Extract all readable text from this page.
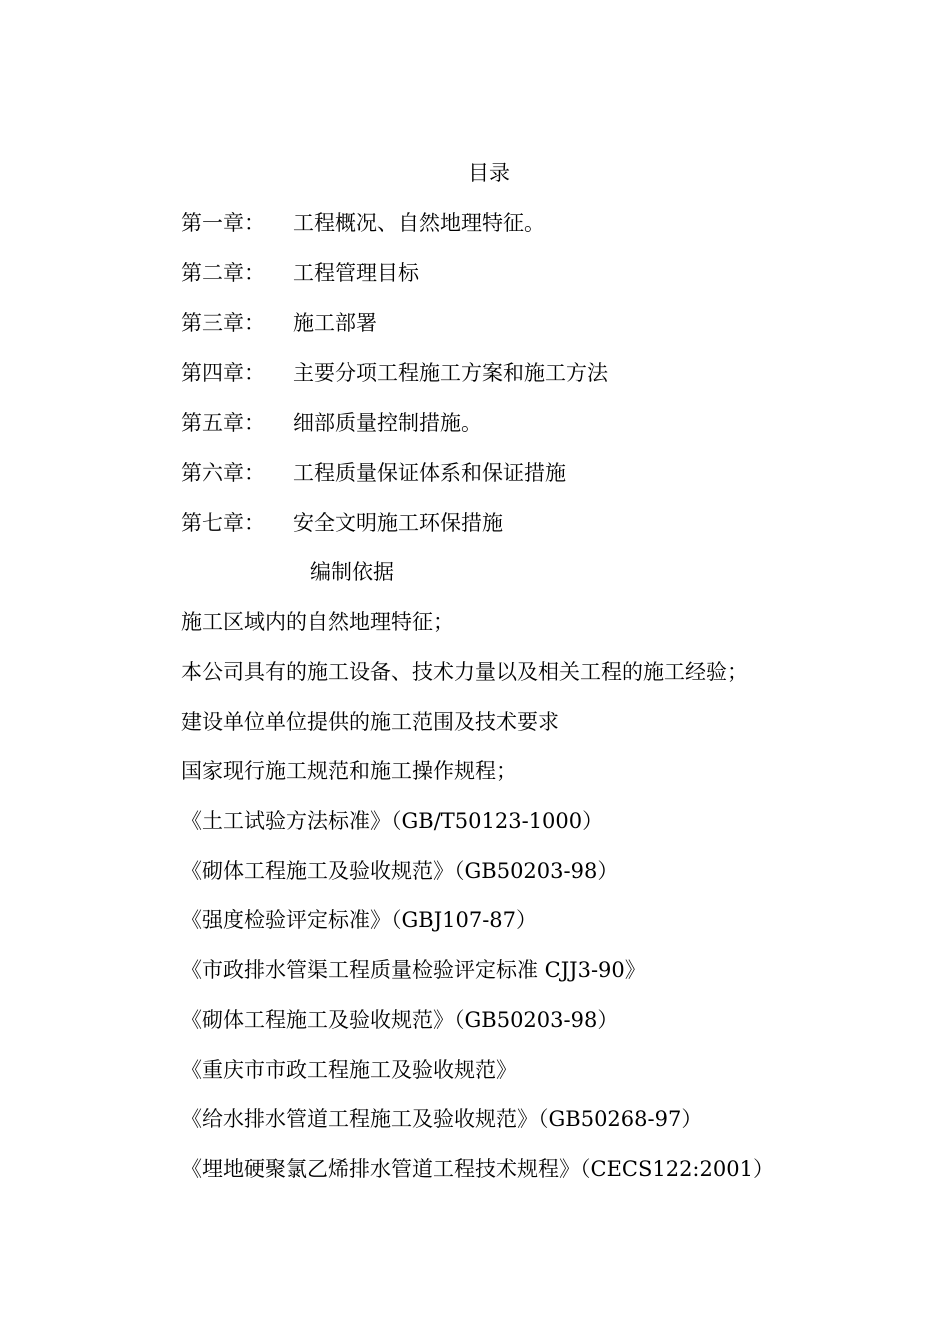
目录
第一章： 工程概况、自然地理特征。
第二章： 工程管理目标
第三章： 施工部署
第四章： 主要分项工程施工方案和施工方法
第五章： 细部质量控制措施。
第六章： 工程质量保证体系和保证措施
第七章： 安全文明施工环保措施
编制依据
施工区域内的自然地理特征；
本公司具有的施工设备、技术力量以及相关工程的施工经验；
建设单位单位提供的施工范围及技术要求
国家现行施工规范和施工操作规程；
《土工试验方法标准》（GB/T50123-1000）
《砌体工程施工及验收规范》（GB50203-98）
《强度检验评定标准》（GBJ107-87）
《市政排水管渠工程质量检验评定标准 CJJ3-90》
《砌体工程施工及验收规范》（GB50203-98）
《重庆市市政工程施工及验收规范》
《给水排水管道工程施工及验收规范》（GB50268-97）
《埋地硬聚氯乙烯排水管道工程技术规程》（CECS122:2001）
